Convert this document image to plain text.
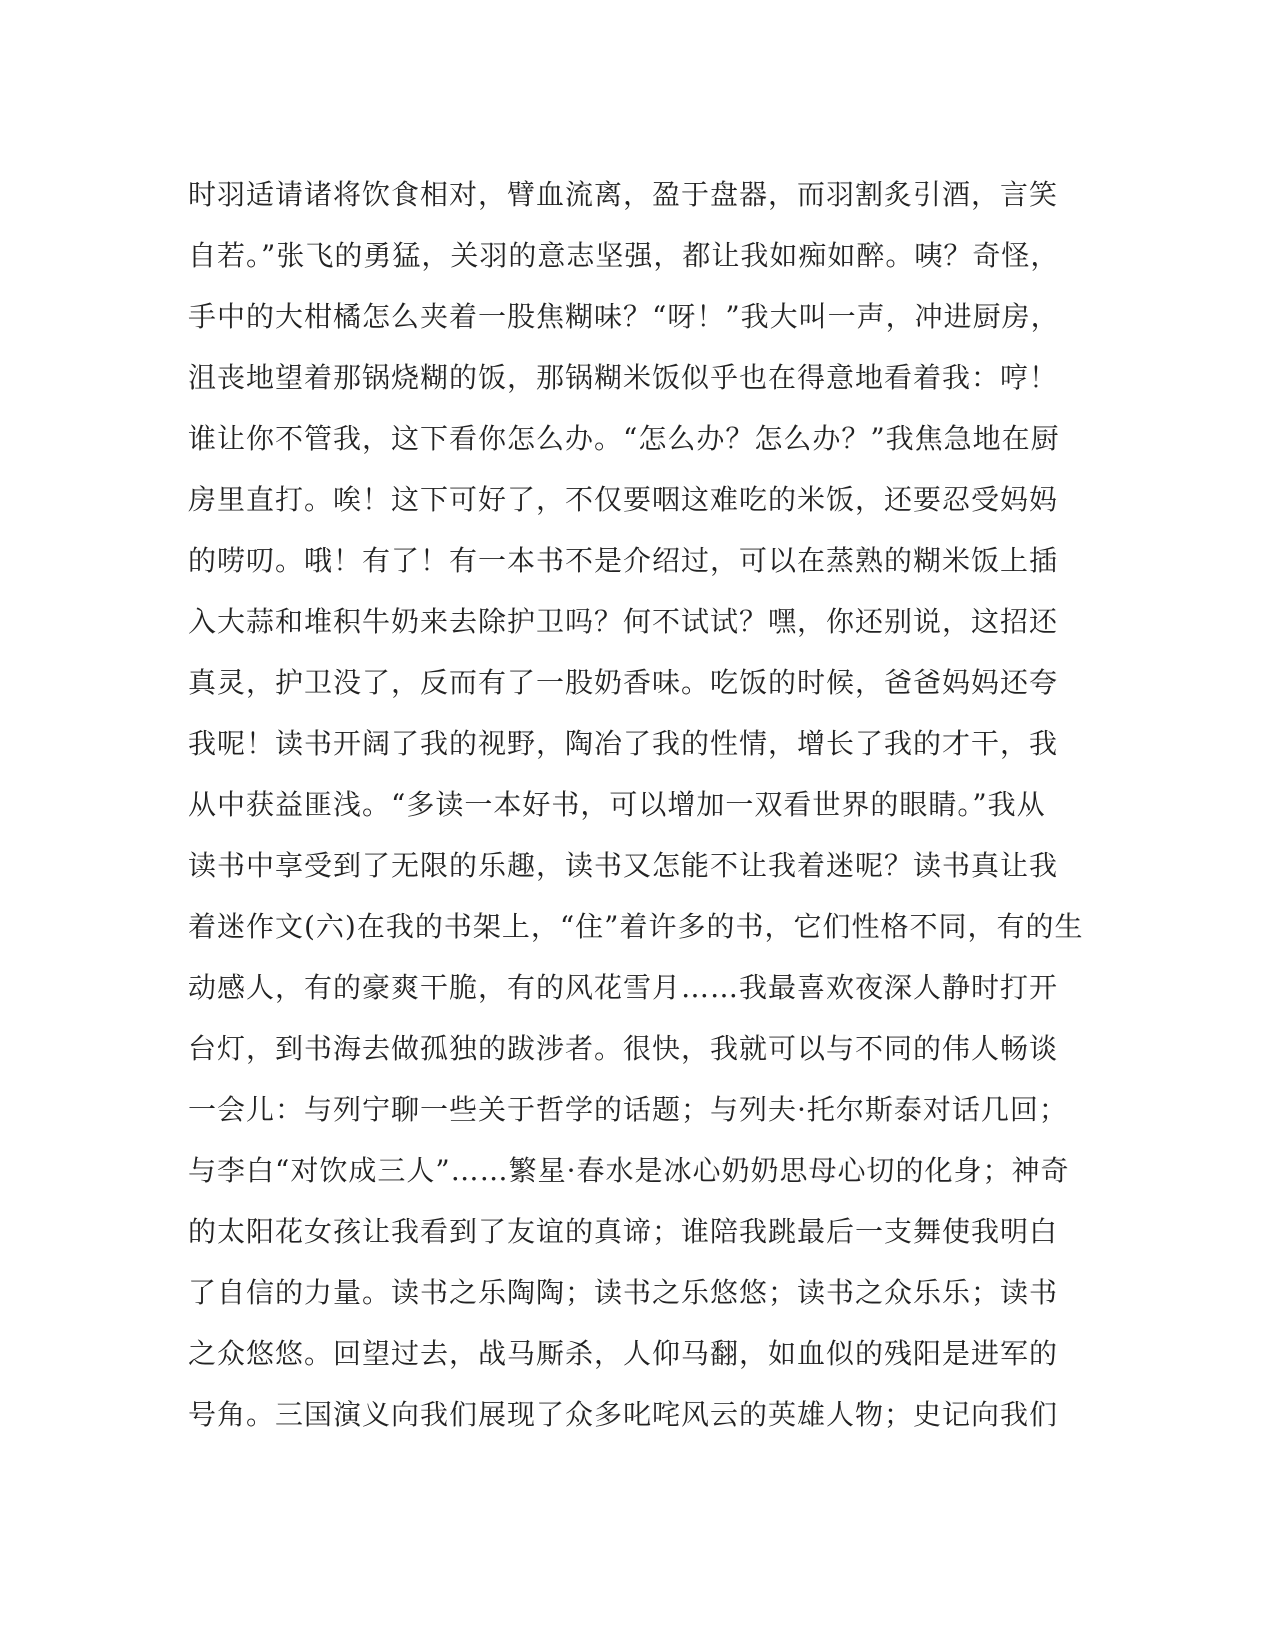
时羽适请诸将饮食相对，臂血流离，盈于盘器，而羽割炙引酒，言笑
自若。”张飞的勇猛，关羽的意志坚强，都让我如痴如醉。咦？奇怪，
手中的大柑橘怎么夹着一股焦糊味？“呀！”我大叫一声，冲进厨房，
沮丧地望着那锅烧糊的饭，那锅糊米饭似乎也在得意地看着我：哼！
谁让你不管我，这下看你怎么办。“怎么办？怎么办？”我焦急地在厨
房里直打。唉！这下可好了，不仅要咽这难吃的米饭，还要忍受妈妈
的唠叨。哦！有了！有一本书不是介绍过，可以在蒸熟的糊米饭上插
入大蒜和堆积牛奶来去除护卫吗？何不试试？嘿，你还别说，这招还
真灵，护卫没了，反而有了一股奶香味。吃饭的时候，爸爸妈妈还夸
我呢！读书开阔了我的视野，陶冶了我的性情，增长了我的才干，我
从中获益匪浅。“多读一本好书，可以增加一双看世界的眼睛。”我从
读书中享受到了无限的乐趣，读书又怎能不让我着迷呢？读书真让我
着迷作文(六)在我的书架上，“住”着许多的书，它们性格不同，有的生
动感人，有的豪爽干脆，有的风花雪月……我最喜欢夜深人静时打开
台灯，到书海去做孤独的跋涉者。很快，我就可以与不同的伟人畅谈
一会儿：与列宁聊一些关于哲学的话题；与列夫·托尔斯泰对话几回；
与李白“对饮成三人”……繁星·春水是冰心奶奶思母心切的化身；神奇
的太阳花女孩让我看到了友谊的真谛；谁陪我跳最后一支舞使我明白
了自信的力量。读书之乐陶陶；读书之乐悠悠；读书之众乐乐；读书
之众悠悠。回望过去，战马厮杀，人仰马翻，如血似的残阳是进军的
号角。三国演义向我们展现了众多叱咤风云的英雄人物；史记向我们
